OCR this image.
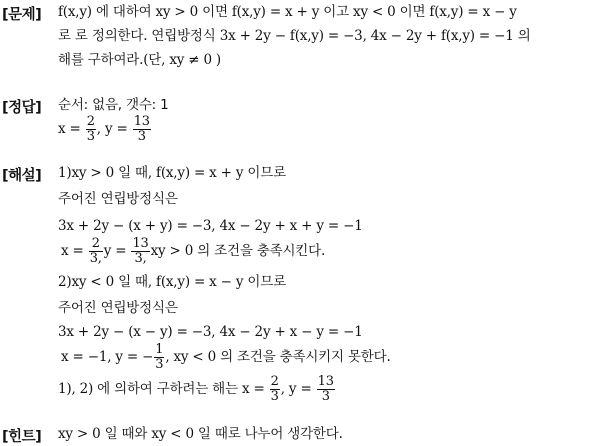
[문제] f(x,y) 에 대하여 xy > 0 이면 f(x,y) = x + y 이고 xy < 0 이면 f(x,y) = x − y
로 로 정의한다. 연립방정식 3x + 2y − f(x,y) = −3, 4x − 2y + f(x,y) = −1 의
해를 구하여라.(단, xy ≠ 0 )
[정답] 순서: 없음, 갯수: 1
$x = \frac{2}{3}$ , $y = \frac{13}{3}$
[해설] 1)xy > 0 일 때, f(x,y) = x + y 이므로
주어진 연립방정식은
3x + 2y − (x + y) = −3, 4x − 2y + x + y = −1
$x = \frac{2}{3,}$ $y = \frac{13}{3,}$ xy > 0 의 조건을 충족시킨다.
2)xy < 0 일 때, f(x,y) = x − y 이므로
주어진 연립방정식은
3x + 2y − (x − y) = −3, 4x − 2y + x − y = −1
x = −1, y = − $\frac{1}{3}$ , xy < 0 의 조건을 충족시키지 못한다.
1), 2) 에 의하여 구하려는 해는 $x = \frac{2}{3}$ , $y = \frac{13}{3}$
[힌트] xy > 0 일 때와 xy < 0 일 때로 나누어 생각한다.
